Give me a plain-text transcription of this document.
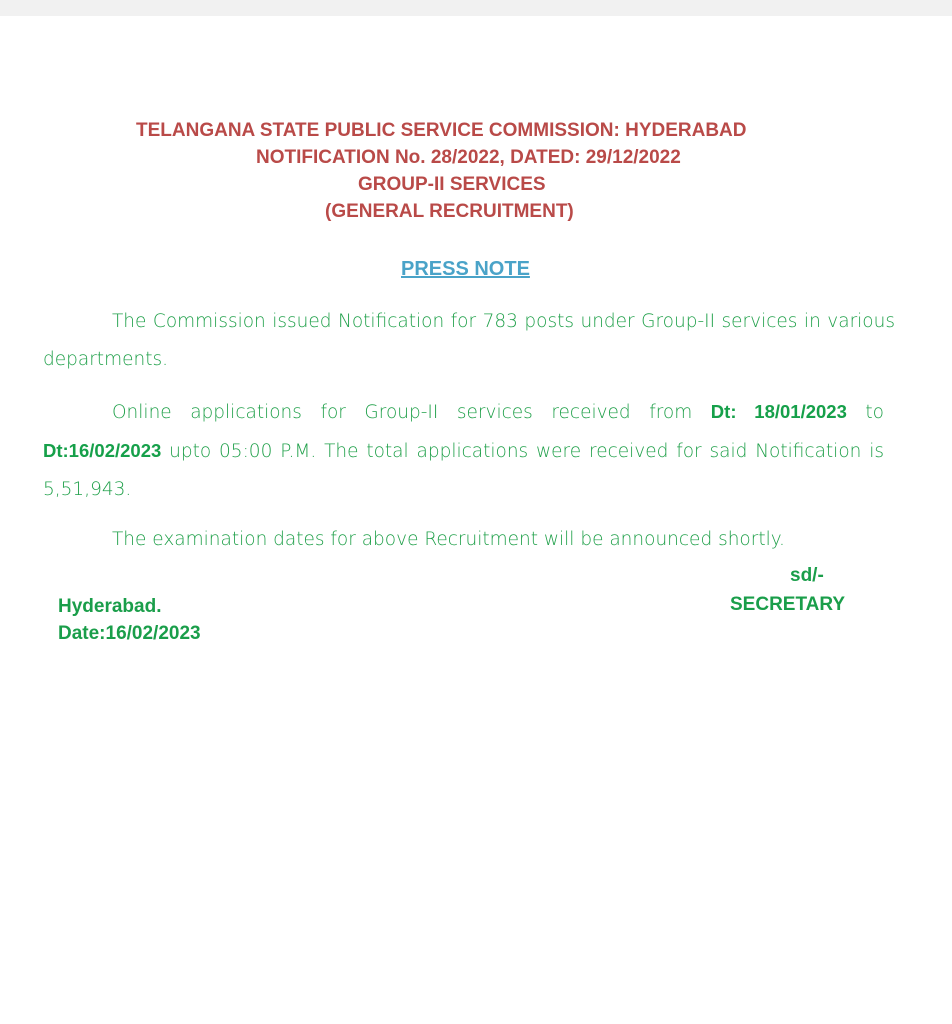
TELANGANA STATE PUBLIC SERVICE COMMISSION: HYDERABAD
NOTIFICATION No. 28/2022, DATED: 29/12/2022
GROUP-II SERVICES
(GENERAL RECRUITMENT)
PRESS NOTE
The Commission issued Notification for 783 posts under Group-II services in various departments.
Online applications for Group-II services received from Dt: 18/01/2023 to Dt:16/02/2023 upto 05:00 P.M. The total applications were received for said Notification is 5,51,943.
The examination dates for above Recruitment will be announced shortly.
sd/-
SECRETARY
Hyderabad.
Date:16/02/2023
